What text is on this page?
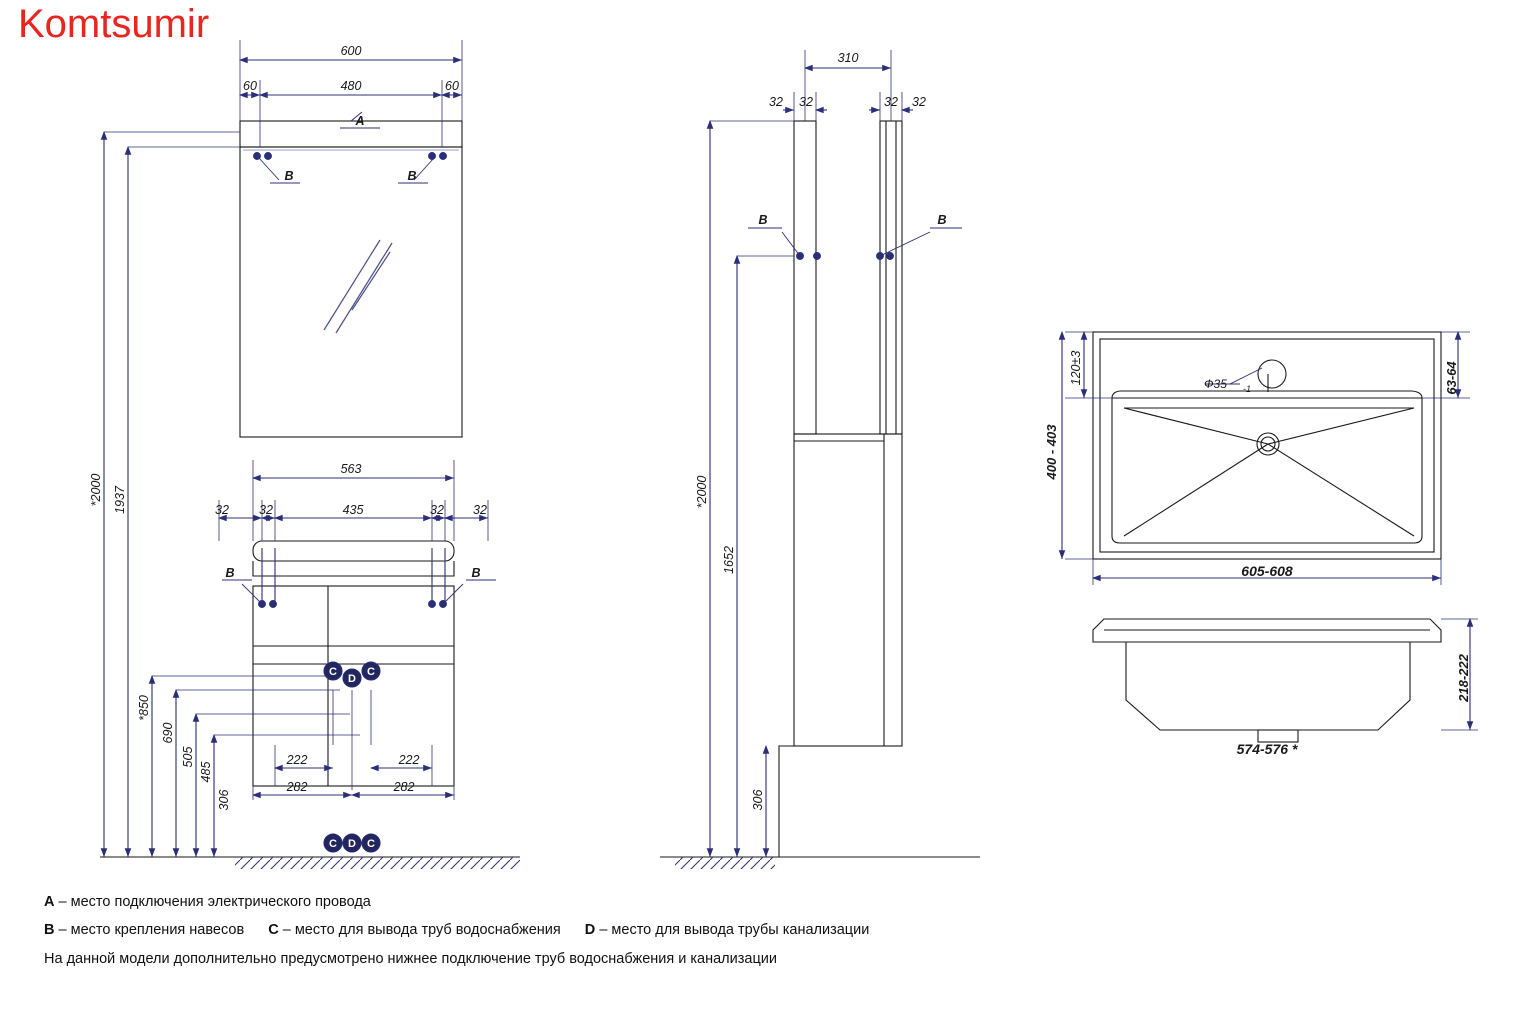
Komtsumir
600
60	480	60
A
B	B
563
32 32	435	32 32
B	B
222	222
282	282
*2000 1937
*850
690
505
485
306
310
32 32	32 32
B	B
*2000
1652
306
120±3
400 - 403
63-64
605-608
Ф35 -1
218-222
574-576 *
C
D
C
C D C
A – место подключения электрического провода
B – место крепления навесов C – место для вывода труб водоснабжения D – место для вывода трубы канализации
На данной модели дополнительно предусмотрено нижнее подключение труб водоснабжения и канализации
